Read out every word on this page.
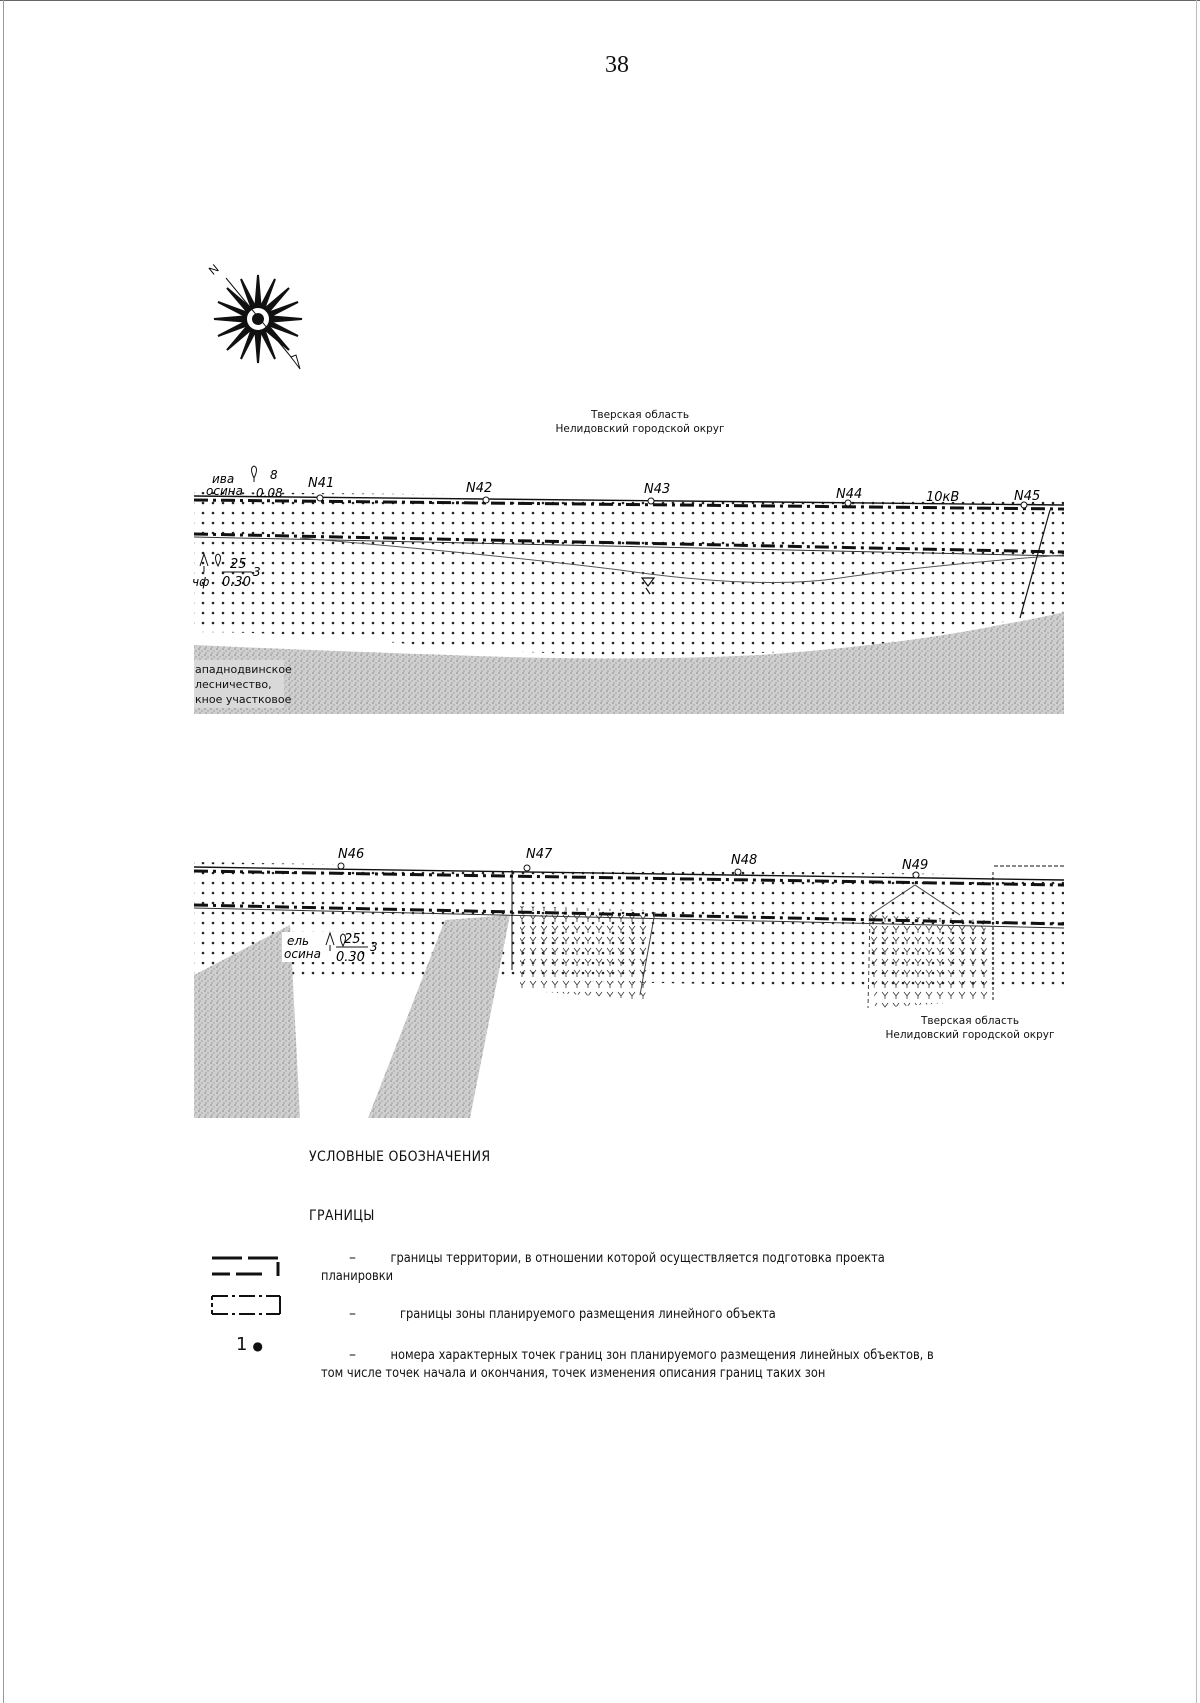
38
N
N41	N42	N43	N44	N45
10кВ
ива
осина
8
0.08
чф
25
0.30
3
ападнодвинское
лесничество,
кное участковое
N46	N47	N48	N49
ель
осина
25
0.30
3
Тверская область
Нелидовский городской округ
Тверская область
Нелидовский городской округ
УСЛОВНЫЕ ОБОЗНАЧЕНИЯ
ГРАНИЦЫ
1 ●
–	границы территории, в отношении которой осуществляется подготовка проекта планировки
–	границы зоны планируемого размещения линейного объекта
–	номера характерных точек границ зон планируемого размещения линейных объектов, в том числе точек начала и окончания, точек изменения описания границ таких зон
